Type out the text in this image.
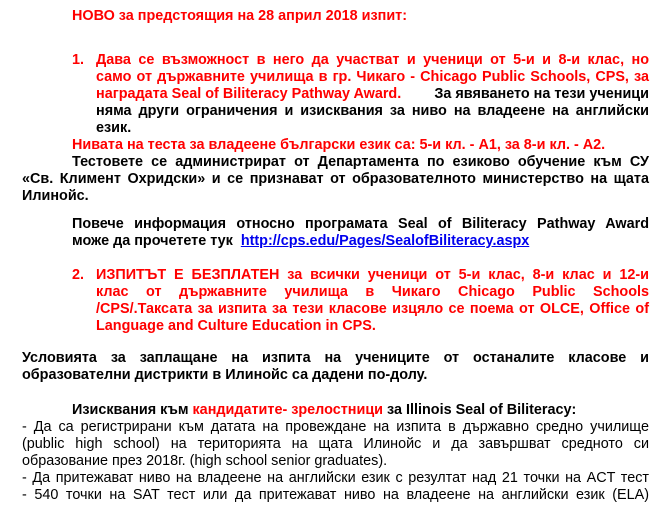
НОВО за предстоящия на 28 април 2018 изпит:
1. Дава се възможност в него да участват и ученици от 5-и и 8-и клас, но
само от държавните училища в гр. Чикаго - Chicago Public Schools, CPS, за
наградата Seal of Biliteracy Pathway Award. За явяването на тези ученици
няма други ограничения и изисквания за ниво на владеене на английски
език.
Нивата на теста за владеене български език са: 5-и кл. - А1, за 8-и кл. - А2.
Тестовете се администрират от Департамента по езиково обучение към СУ
«Св. Климент Охридски» и се признават от образователното министерство на щата
Илинойс.
Повече информация относно програмата Seal of Biliteracy Pathway Award
може да прочетете тук http://cps.edu/Pages/SealofBiliteracy.aspx
2. ИЗПИТЪТ Е БЕЗПЛАТЕН за всички ученици от 5-и клас, 8-и клас и 12-и
клас от държавните училища в Чикаго Chicago Public Schools
/CPS/.Таксата за изпита за тези класове изцяло се поема от OLCE, Office of
Language and Culture Education in CPS.
Условията за заплащане на изпита на учениците от останалите класове и
образователни дистрикти в Илинойс са дадени по-долу.
Изисквания към кандидатите- зрелостници за Illinois Seal of Biliteracy:
- Да са регистрирани към датата на провеждане на изпита в държавно средно училище
(public high school) на територията на щата Илинойс и да завършват средното си
образование през 2018г. (high school senior graduates).
- Да притежават ниво на владеене на английски език с резултат над 21 точки на ACT тест
- 540 точки на SAT тест или да притежават ниво на владеене на английски език (ELA)
